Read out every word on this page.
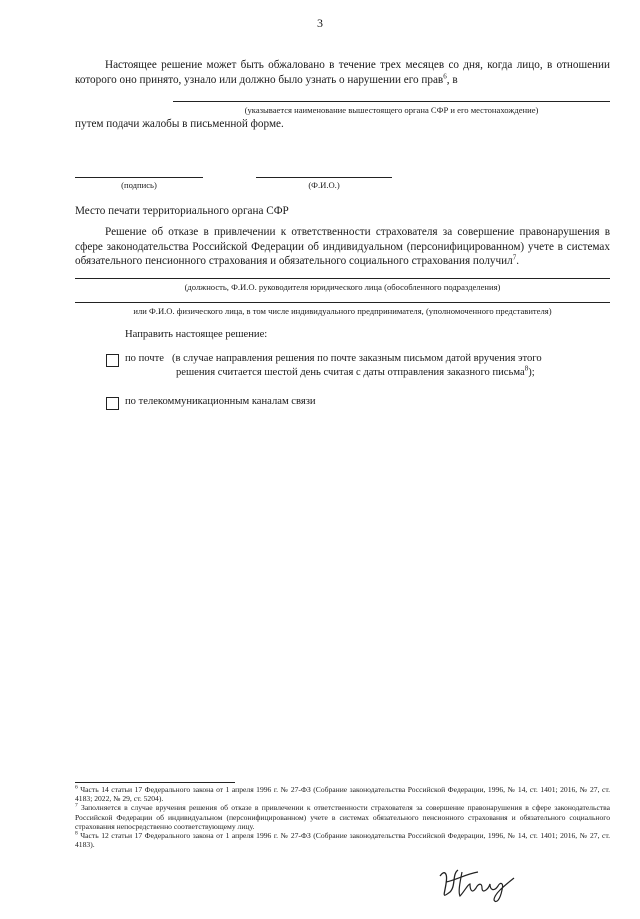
3
Настоящее решение может быть обжаловано в течение трех месяцев со дня, когда лицо, в отношении которого оно принято, узнало или должно было узнать о нарушении его прав$^6$, в
(указывается наименование вышестоящего органа СФР и его местонахождение)
путем подачи жалобы в письменной форме.
(подпись)	(Ф.И.О.)
Место печати территориального органа СФР
Решение об отказе в привлечении к ответственности страхователя за совершение правонарушения в сфере законодательства Российской Федерации об индивидуальном (персонифицированном) учете в системах обязательного пенсионного страхования и обязательного социального страхования получил$^7$.
(должность, Ф.И.О. руководителя юридического лица (обособленного подразделения)
или Ф.И.О. физического лица, в том числе индивидуального предпринимателя, (уполномоченного представителя)
Направить настоящее решение:
по почте (в случае направления решения по почте заказным письмом датой вручения этого
решения считается шестой день считая с даты отправления заказного письма$^8$);
по телекоммуникационным каналам связи
$^6$ Часть 14 статьи 17 Федерального закона от 1 апреля 1996 г. № 27-ФЗ (Собрание законодательства Российской Федерации, 1996, № 14, ст. 1401; 2016, № 27, ст. 4183; 2022, № 29, ст. 5204).
$^7$ Заполняется в случае вручения решения об отказе в привлечении к ответственности страхователя за совершение правонарушения в сфере законодательства Российской Федерации об индивидуальном (персонифицированном) учете в системах обязательного пенсионного страхования и обязательного социального страхования непосредственно соответствующему лицу.
$^8$ Часть 12 статьи 17 Федерального закона от 1 апреля 1996 г. № 27-ФЗ (Собрание законодательства Российской Федерации, 1996, № 14, ст. 1401; 2016, № 27, ст. 4183).
